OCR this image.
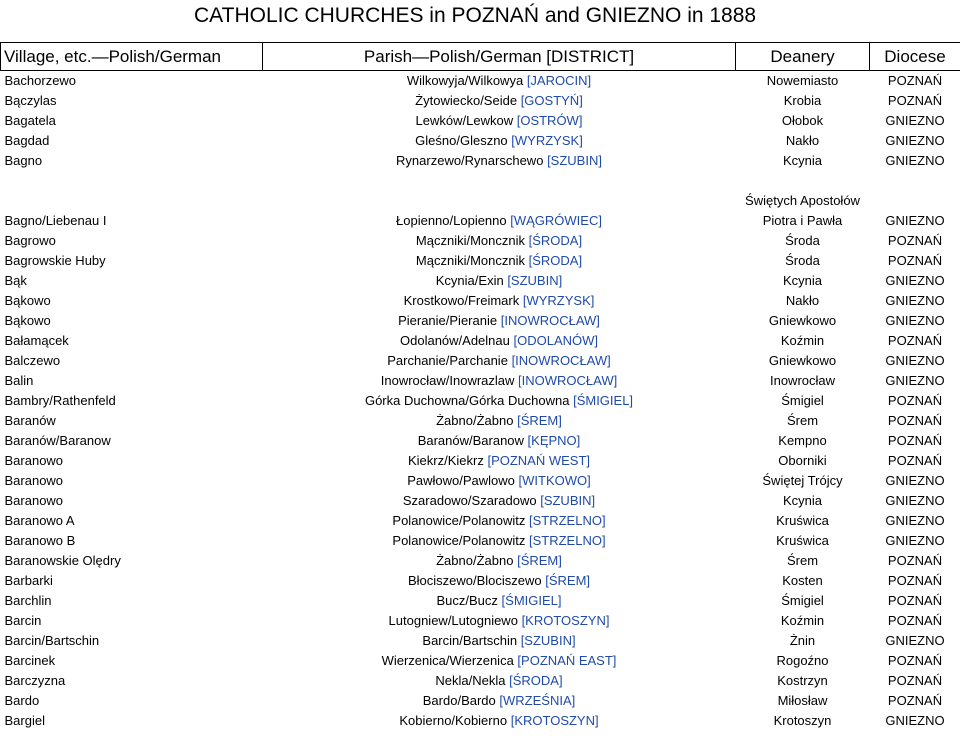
CATHOLIC CHURCHES in POZNAŃ and GNIEZNO in 1888
Village, etc.—Polish/German	Parish—Polish/German [DISTRICT]	Deanery	Diocese
Bachorzewo	Wilkowyja/Wilkowya [JAROCIN]	Nowemiasto	POZNAŃ
Bączylas	Żytowiecko/Seide [GOSTYŃ]	Krobia	POZNAŃ
Bagatela	Lewków/Lewkow [OSTRÓW]	Ołobok	GNIEZNO
Bagdad	Gleśno/Gleszno [WYRZYSK]	Nakło	GNIEZNO
Bagno	Rynarzewo/Rynarschewo [SZUBIN]	Kcynia	GNIEZNO
Bagno/Liebenau I	Łopienno/Lopienno [WĄGRÓWIEC]	Świętych Apostołów Piotra i Pawła	GNIEZNO
Bagrowo	Mączniki/Moncznik [ŚRODA]	Środa	POZNAŃ
Bagrowskie Huby	Mączniki/Moncznik [ŚRODA]	Środa	POZNAŃ
Bąk	Kcynia/Exin [SZUBIN]	Kcynia	GNIEZNO
Bąkowo	Krostkowo/Freimark [WYRZYSK]	Nakło	GNIEZNO
Bąkowo	Pieranie/Pieranie [INOWROCŁAW]	Gniewkowo	GNIEZNO
Bałamącek	Odolanów/Adelnau [ODOLANÓW]	Koźmin	POZNAŃ
Balczewo	Parchanie/Parchanie [INOWROCŁAW]	Gniewkowo	GNIEZNO
Balin	Inowrocław/Inowrazlaw [INOWROCŁAW]	Inowrocław	GNIEZNO
Bambry/Rathenfeld	Górka Duchowna/Górka Duchowna [ŚMIGIEL]	Śmigiel	POZNAŃ
Baranów	Żabno/Żabno [ŚREM]	Śrem	POZNAŃ
Baranów/Baranow	Baranów/Baranow [KĘPNO]	Kempno	POZNAŃ
Baranowo	Kiekrz/Kiekrz [POZNAŃ WEST]	Oborniki	POZNAŃ
Baranowo	Pawłowo/Pawlowo [WITKOWO]	Świętej Trójcy	GNIEZNO
Baranowo	Szaradowo/Szaradowo [SZUBIN]	Kcynia	GNIEZNO
Baranowo A	Polanowice/Polanowitz [STRZELNO]	Kruświca	GNIEZNO
Baranowo B	Polanowice/Polanowitz [STRZELNO]	Kruświca	GNIEZNO
Baranowskie Olędry	Żabno/Żabno [ŚREM]	Śrem	POZNAŃ
Barbarki	Błociszewo/Blociszewo [ŚREM]	Kosten	POZNAŃ
Barchlin	Bucz/Bucz [ŚMIGIEL]	Śmigiel	POZNAŃ
Barcin	Lutogniew/Lutogniewo [KROTOSZYN]	Koźmin	POZNAŃ
Barcin/Bartschin	Barcin/Bartschin [SZUBIN]	Żnin	GNIEZNO
Barcinek	Wierzenica/Wierzenica [POZNAŃ EAST]	Rogoźno	POZNAŃ
Barczyzna	Nekla/Nekla [ŚRODA]	Kostrzyn	POZNAŃ
Bardo	Bardo/Bardo [WRZEŚNIA]	Miłosław	POZNAŃ
Bargiel	Kobierno/Kobierno [KROTOSZYN]	Krotoszyn	GNIEZNO
